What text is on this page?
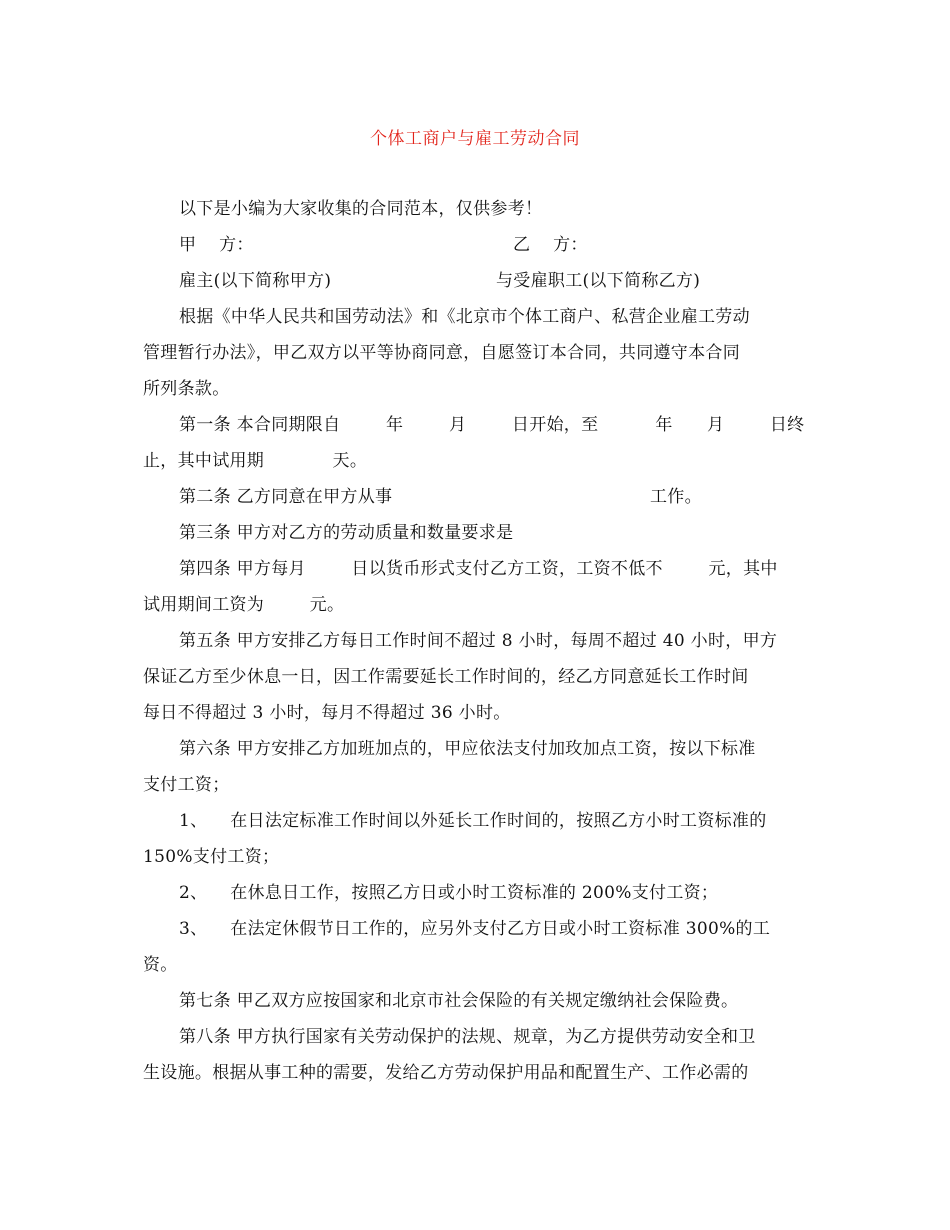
个体工商户与雇工劳动合同
以下是小编为大家收集的合同范本，仅供参考！
甲    方：	乙    方：
雇主(以下简称甲方)	与受雇职工(以下简称乙方)
根据《中华人民共和国劳动法》和《北京市个体工商户、私营企业雇工劳动
管理暂行办法》，甲乙双方以平等协商同意，自愿签订本合同，共同遵守本合同
所列条款。
第一条 本合同期限自        年        月        日开始，至          年      月        日终
止，其中试用期            天。
第二条 乙方同意在甲方从事	工作。
第三条 甲方对乙方的劳动质量和数量要求是
第四条 甲方每月        日以货币形式支付乙方工资，工资不低不        元，其中
试用期间工资为        元。
第五条 甲方安排乙方每日工作时间不超过 8 小时，每周不超过 40 小时，甲方
保证乙方至少休息一日，因工作需要延长工作时间的，经乙方同意延长工作时间
每日不得超过 3 小时，每月不得超过 36 小时。
第六条 甲方安排乙方加班加点的，甲应依法支付加玫加点工资，按以下标准
支付工资；
1、    在日法定标准工作时间以外延长工作时间的，按照乙方小时工资标准的
150%支付工资；
2、    在休息日工作，按照乙方日或小时工资标准的 200%支付工资；
3、    在法定休假节日工作的，应另外支付乙方日或小时工资标准 300%的工
资。
第七条 甲乙双方应按国家和北京市社会保险的有关规定缴纳社会保险费。
第八条 甲方执行国家有关劳动保护的法规、规章，为乙方提供劳动安全和卫
生设施。根据从事工种的需要，发给乙方劳动保护用品和配置生产、工作必需的
